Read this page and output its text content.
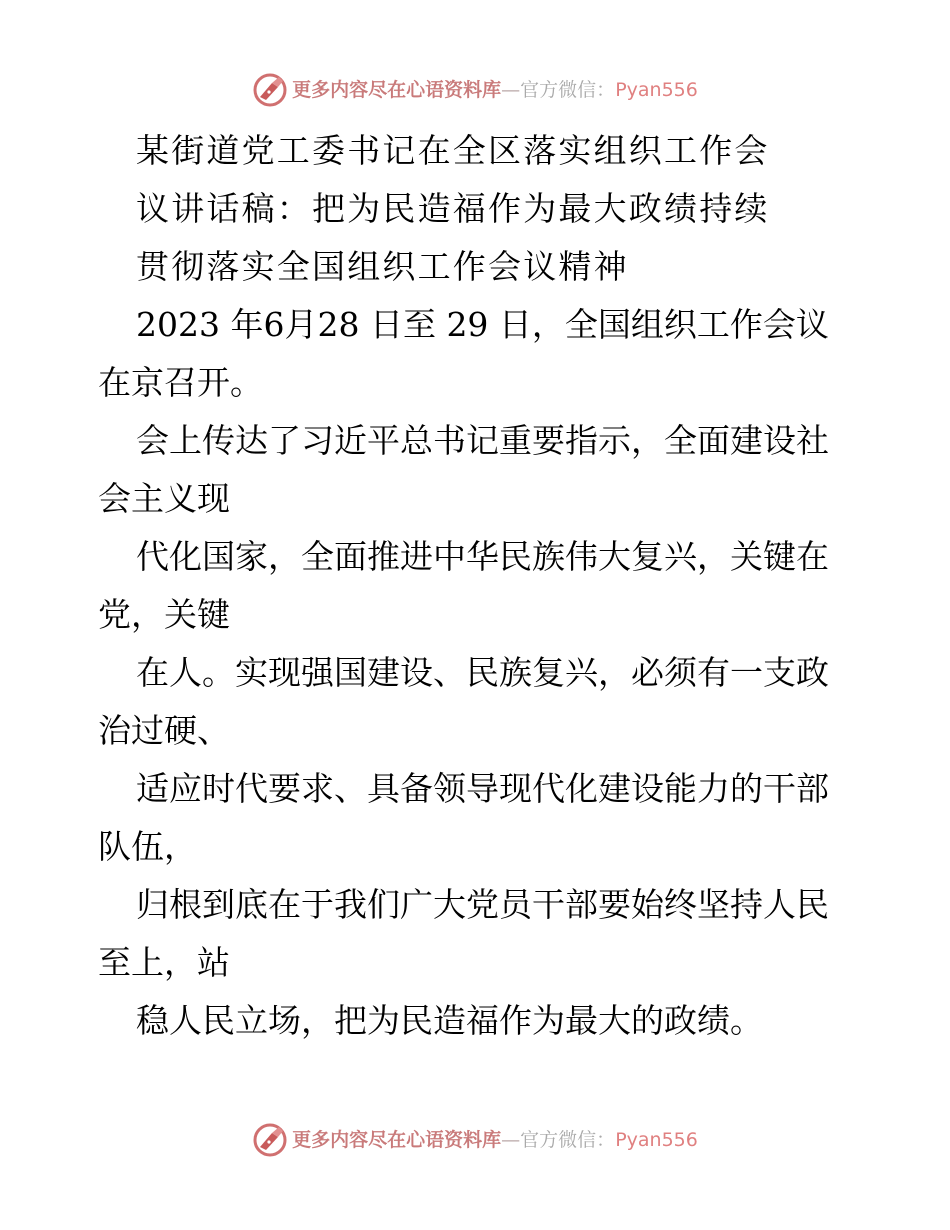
更多内容尽在心语资料库—官方微信：Pyan556

某街道党工委书记在全区落实组织工作会

议讲话稿：把为民造福作为最大政绩持续

贯彻落实全国组织工作会议精神

2023 年6月28 日至 29 日，全国组织工作会议

在京召开。

会上传达了习近平总书记重要指示，全面建设社

会主义现

代化国家，全面推进中华民族伟大复兴，关键在

党，关键

在人。实现强国建设、民族复兴，必须有一支政

治过硬、

适应时代要求、具备领导现代化建设能力的干部

队伍，

归根到底在于我们广大党员干部要始终坚持人民

至上，站

稳人民立场，把为民造福作为最大的政绩。

更多内容尽在心语资料库—官方微信：Pyan556
